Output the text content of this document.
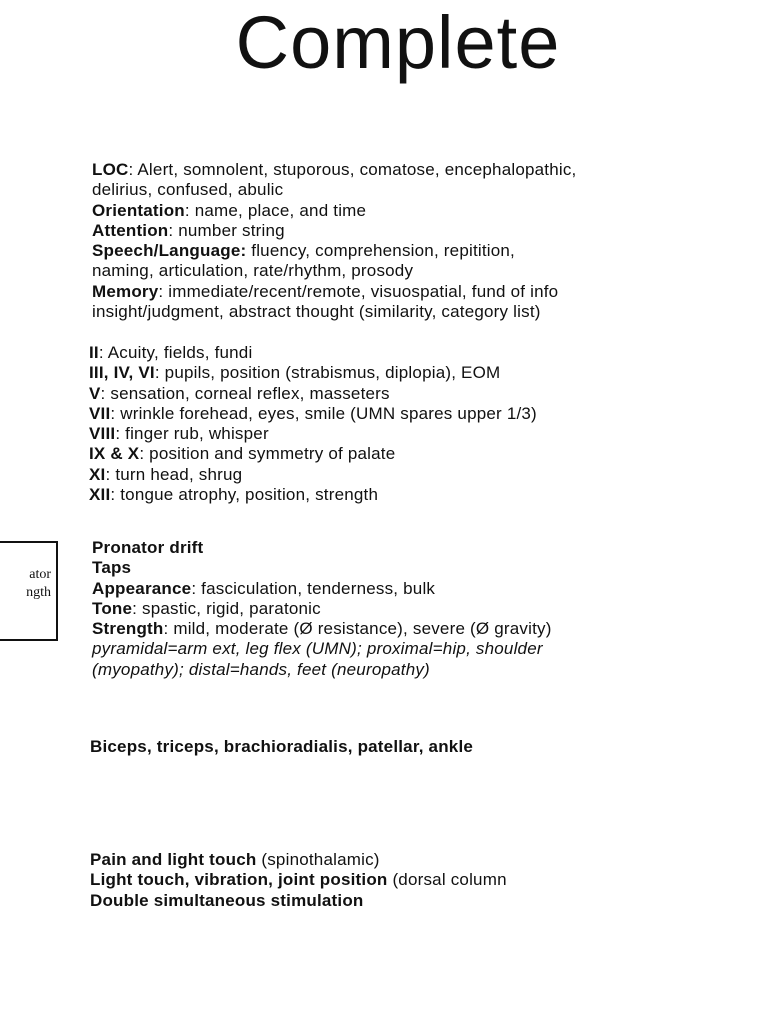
Complete

LOC: Alert, somnolent, stuporous, comatose, encephalopathic,

delirius, confused, abulic

Orientation: name, place, and time

Attention: number string

Speech/Language: fluency, comprehension, repitition,

naming, articulation, rate/rhythm, prosody

Memory: immediate/recent/remote, visuospatial, fund of info

insight/judgment, abstract thought (similarity, category list)

II: Acuity, fields, fundi

III, IV, VI: pupils, position (strabismus, diplopia), EOM

V: sensation, corneal reflex, masseters

VII: wrinkle forehead, eyes, smile (UMN spares upper 1/3)

VIII: finger rub, whisper

IX & X: position and symmetry of palate

XI: turn head, shrug

XII: tongue atrophy, position, strength

ator
ngth

Pronator drift

Taps

Appearance: fasciculation, tenderness, bulk

Tone: spastic, rigid, paratonic

Strength: mild, moderate (Ø resistance), severe (Ø gravity)

pyramidal=arm ext, leg flex (UMN); proximal=hip, shoulder

(myopathy); distal=hands, feet (neuropathy)

Biceps, triceps, brachioradialis, patellar, ankle

Pain and light touch (spinothalamic)

Light touch, vibration, joint position (dorsal column

Double simultaneous stimulation
